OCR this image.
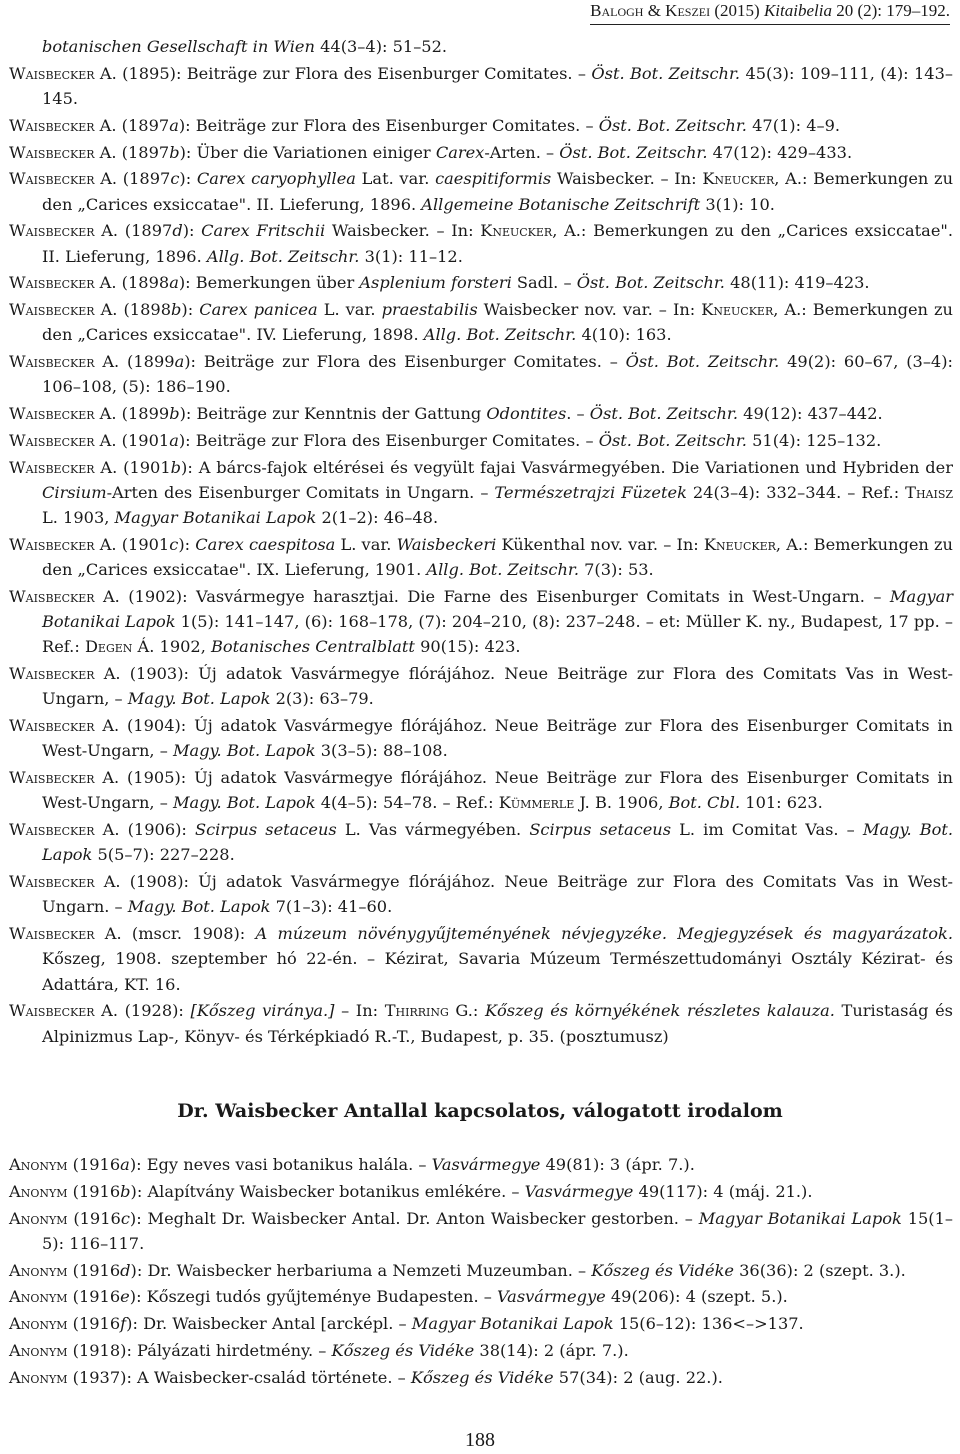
Balogh & Keszei (2015) Kitaibelia 20 (2): 179–192.

botanischen Gesellschaft in Wien 44(3–4): 51–52.

Waisbecker A. (1895): Beiträge zur Flora des Eisenburger Comitates. – Öst. Bot. Zeitschr. 45(3): 109–111, (4): 143–145.

Waisbecker A. (1897a): Beiträge zur Flora des Eisenburger Comitates. – Öst. Bot. Zeitschr. 47(1): 4–9.

Waisbecker A. (1897b): Über die Variationen einiger Carex-Arten. – Öst. Bot. Zeitschr. 47(12): 429–433.

Waisbecker A. (1897c): Carex caryophyllea Lat. var. caespitiformis Waisbecker. – In: Kneucker, A.: Bemerkungen zu den „Carices exsiccatae". II. Lieferung, 1896. Allgemeine Botanische Zeitschrift 3(1): 10.

Waisbecker A. (1897d): Carex Fritschii Waisbecker. – In: Kneucker, A.: Bemerkungen zu den „Carices exsiccatae". II. Lieferung, 1896. Allg. Bot. Zeitschr. 3(1): 11–12.

Waisbecker A. (1898a): Bemerkungen über Asplenium forsteri Sadl. – Öst. Bot. Zeitschr. 48(11): 419–423.

Waisbecker A. (1898b): Carex panicea L. var. praestabilis Waisbecker nov. var. – In: Kneucker, A.: Bemerkungen zu den „Carices exsiccatae". IV. Lieferung, 1898. Allg. Bot. Zeitschr. 4(10): 163.

Waisbecker A. (1899a): Beiträge zur Flora des Eisenburger Comitates. – Öst. Bot. Zeitschr. 49(2): 60–67, (3–4): 106–108, (5): 186–190.

Waisbecker A. (1899b): Beiträge zur Kenntnis der Gattung Odontites. – Öst. Bot. Zeitschr. 49(12): 437–442.

Waisbecker A. (1901a): Beiträge zur Flora des Eisenburger Comitates. – Öst. Bot. Zeitschr. 51(4): 125–132.

Waisbecker A. (1901b): A bárcs-fajok eltérései és vegyült fajai Vasvármegyében. Die Variationen und Hybriden der Cirsium-Arten des Eisenburger Comitats in Ungarn. – Természetrajzi Füzetek 24(3–4): 332–344. – Ref.: Thaisz L. 1903, Magyar Botanikai Lapok 2(1–2): 46–48.

Waisbecker A. (1901c): Carex caespitosa L. var. Waisbeckeri Kükenthal nov. var. – In: Kneucker, A.: Bemerkungen zu den „Carices exsiccatae". IX. Lieferung, 1901. Allg. Bot. Zeitschr. 7(3): 53.

Waisbecker A. (1902): Vasvármegye harasztjai. Die Farne des Eisenburger Comitats in West-Ungarn. – Magyar Botanikai Lapok 1(5): 141–147, (6): 168–178, (7): 204–210, (8): 237–248. – et: Müller K. ny., Budapest, 17 pp. – Ref.: Degen Á. 1902, Botanisches Centralblatt 90(15): 423.

Waisbecker A. (1903): Új adatok Vasvármegye flórájához. Neue Beiträge zur Flora des Comitats Vas in West-Ungarn, – Magy. Bot. Lapok 2(3): 63–79.

Waisbecker A. (1904): Új adatok Vasvármegye flórájához. Neue Beiträge zur Flora des Eisenburger Comitats in West-Ungarn, – Magy. Bot. Lapok 3(3–5): 88–108.

Waisbecker A. (1905): Új adatok Vasvármegye flórájához. Neue Beiträge zur Flora des Eisenburger Comitats in West-Ungarn, – Magy. Bot. Lapok 4(4–5): 54–78. – Ref.: Kümmerle J. B. 1906, Bot. Cbl. 101: 623.

Waisbecker A. (1906): Scirpus setaceus L. Vas vármegyében. Scirpus setaceus L. im Comitat Vas. – Magy. Bot. Lapok 5(5–7): 227–228.

Waisbecker A. (1908): Új adatok Vasvármegye flórájához. Neue Beiträge zur Flora des Comitats Vas in West-Ungarn. – Magy. Bot. Lapok 7(1–3): 41–60.

Waisbecker A. (mscr. 1908): A múzeum növénygyűjteményének névjegyzéke. Megjegyzések és magyarázatok. Kőszeg, 1908. szeptember hó 22-én. – Kézirat, Savaria Múzeum Természettudományi Osztály Kézirat- és Adattára, KT. 16.

Waisbecker A. (1928): [Kőszeg viránya.] – In: Thirring G.: Kőszeg és környékének részletes kalauza. Turistaság és Alpinizmus Lap-, Könyv- és Térképkiadó R.-T., Budapest, p. 35. (posztumusz)

Dr. Waisbecker Antallal kapcsolatos, válogatott irodalom

Anonym (1916a): Egy neves vasi botanikus halála. – Vasvármegye 49(81): 3 (ápr. 7.).

Anonym (1916b): Alapítvány Waisbecker botanikus emlékére. – Vasvármegye 49(117): 4 (máj. 21.).

Anonym (1916c): Meghalt Dr. Waisbecker Antal. Dr. Anton Waisbecker gestorben. – Magyar Botanikai Lapok 15(1–5): 116–117.

Anonym (1916d): Dr. Waisbecker herbariuma a Nemzeti Muzeumban. – Kőszeg és Vidéke 36(36): 2 (szept. 3.).

Anonym (1916e): Kőszegi tudós gyűjteménye Budapesten. – Vasvármegye 49(206): 4 (szept. 5.).

Anonym (1916f): Dr. Waisbecker Antal [arcképl. – Magyar Botanikai Lapok 15(6–12): 136<–>137.

Anonym (1918): Pályázati hirdetmény. – Kőszeg és Vidéke 38(14): 2 (ápr. 7.).

Anonym (1937): A Waisbecker-család története. – Kőszeg és Vidéke 57(34): 2 (aug. 22.).

188
